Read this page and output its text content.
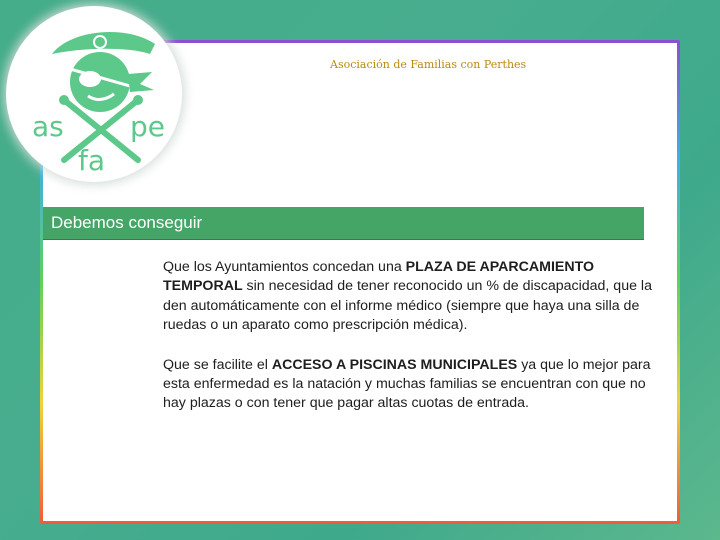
as
fa
pe
Asociación de Familias con Perthes
Debemos conseguir

Que los Ayuntamientos concedan una PLAZA DE APARCAMIENTO TEMPORAL sin necesidad de tener reconocido un % de discapacidad, que la den automáticamente con el informe médico (siempre que haya una silla de ruedas o un aparato como prescripción médica).

Que se facilite el ACCESO A PISCINAS MUNICIPALES ya que lo mejor para esta enfermedad es la natación y muchas familias se encuentran con que no hay plazas o con tener que pagar altas cuotas de entrada.
